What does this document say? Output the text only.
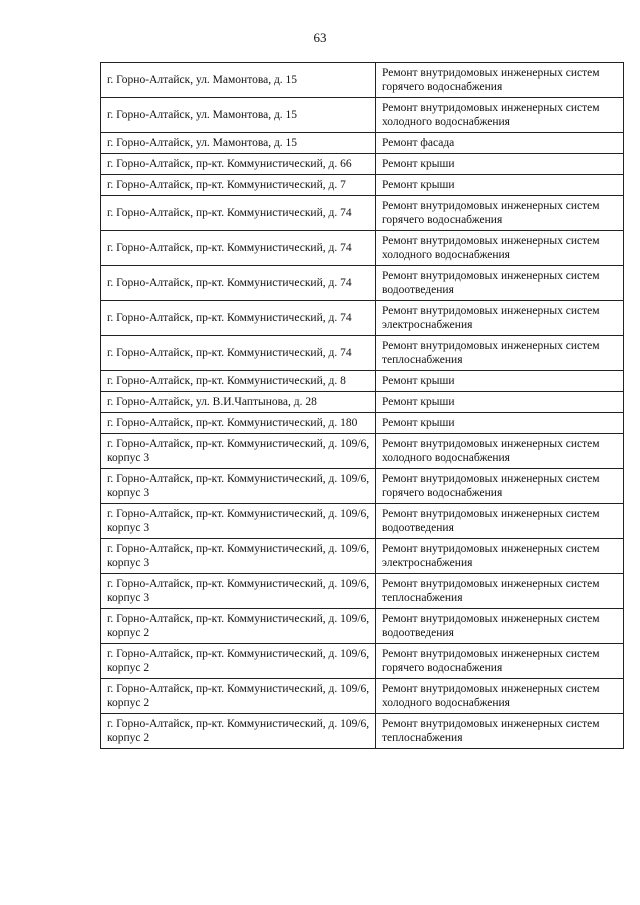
63
г. Горно-Алтайск, ул. Мамонтова, д. 15	Ремонт внутридомовых инженерных систем горячего водоснабжения
г. Горно-Алтайск, ул. Мамонтова, д. 15	Ремонт внутридомовых инженерных систем холодного водоснабжения
г. Горно-Алтайск, ул. Мамонтова, д. 15	Ремонт фасада
г. Горно-Алтайск, пр-кт. Коммунистический, д. 66	Ремонт крыши
г. Горно-Алтайск, пр-кт. Коммунистический, д. 7	Ремонт крыши
г. Горно-Алтайск, пр-кт. Коммунистический, д. 74	Ремонт внутридомовых инженерных систем горячего водоснабжения
г. Горно-Алтайск, пр-кт. Коммунистический, д. 74	Ремонт внутридомовых инженерных систем холодного водоснабжения
г. Горно-Алтайск, пр-кт. Коммунистический, д. 74	Ремонт внутридомовых инженерных систем водоотведения
г. Горно-Алтайск, пр-кт. Коммунистический, д. 74	Ремонт внутридомовых инженерных систем электроснабжения
г. Горно-Алтайск, пр-кт. Коммунистический, д. 74	Ремонт внутридомовых инженерных систем теплоснабжения
г. Горно-Алтайск, пр-кт. Коммунистический, д. 8	Ремонт крыши
г. Горно-Алтайск, ул. В.И.Чаптынова, д. 28	Ремонт крыши
г. Горно-Алтайск, пр-кт. Коммунистический, д. 180	Ремонт крыши
г. Горно-Алтайск, пр-кт. Коммунистический, д. 109/6, корпус 3	Ремонт внутридомовых инженерных систем холодного водоснабжения
г. Горно-Алтайск, пр-кт. Коммунистический, д. 109/6, корпус 3	Ремонт внутридомовых инженерных систем горячего водоснабжения
г. Горно-Алтайск, пр-кт. Коммунистический, д. 109/6, корпус 3	Ремонт внутридомовых инженерных систем водоотведения
г. Горно-Алтайск, пр-кт. Коммунистический, д. 109/6, корпус 3	Ремонт внутридомовых инженерных систем электроснабжения
г. Горно-Алтайск, пр-кт. Коммунистический, д. 109/6, корпус 3	Ремонт внутридомовых инженерных систем теплоснабжения
г. Горно-Алтайск, пр-кт. Коммунистический, д. 109/6, корпус 2	Ремонт внутридомовых инженерных систем водоотведения
г. Горно-Алтайск, пр-кт. Коммунистический, д. 109/6, корпус 2	Ремонт внутридомовых инженерных систем горячего водоснабжения
г. Горно-Алтайск, пр-кт. Коммунистический, д. 109/6, корпус 2	Ремонт внутридомовых инженерных систем холодного водоснабжения
г. Горно-Алтайск, пр-кт. Коммунистический, д. 109/6, корпус 2	Ремонт внутридомовых инженерных систем теплоснабжения
